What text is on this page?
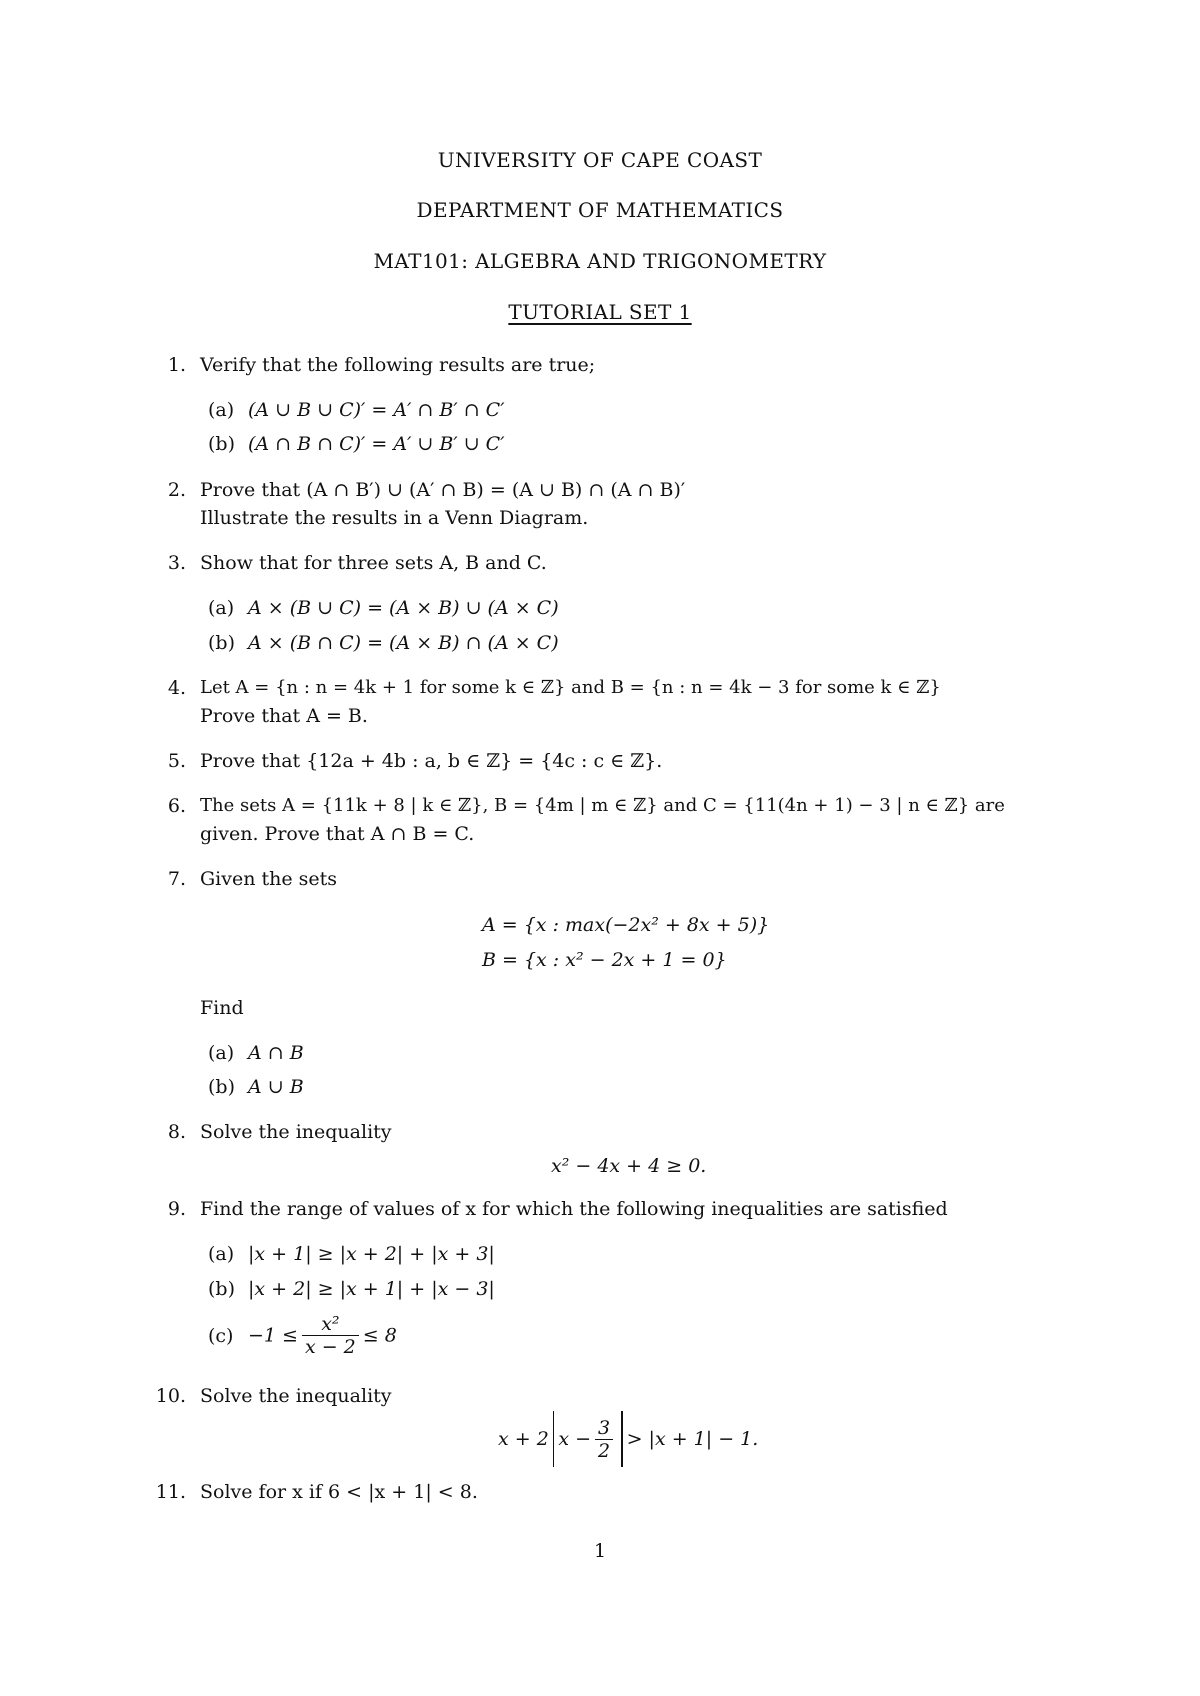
UNIVERSITY OF CAPE COAST
DEPARTMENT OF MATHEMATICS
MAT101: ALGEBRA AND TRIGONOMETRY
TUTORIAL SET 1
1. Verify that the following results are true;
(a) (A ∪ B ∪ C)′ = A′ ∩ B′ ∩ C′
(b) (A ∩ B ∩ C)′ = A′ ∪ B′ ∪ C′
2. Prove that (A ∩ B′) ∪ (A′ ∩ B) = (A ∪ B) ∩ (A ∩ B)′
Illustrate the results in a Venn Diagram.
3. Show that for three sets A, B and C.
(a) A × (B ∪ C) = (A × B) ∪ (A × C)
(b) A × (B ∩ C) = (A × B) ∩ (A × C)
4. Let A = {n : n = 4k + 1 for some k ∈ ℤ} and B = {n : n = 4k − 3 for some k ∈ ℤ}
Prove that A = B.
5. Prove that {12a + 4b : a, b ∈ ℤ} = {4c : c ∈ ℤ}.
6. The sets A = {11k + 8 | k ∈ ℤ}, B = {4m | m ∈ ℤ} and C = {11(4n + 1) − 3 | n ∈ ℤ} are
given. Prove that A ∩ B = C.
7. Given the sets
A = {x : max(−2x² + 8x + 5)}
B = {x : x² − 2x + 1 = 0}
Find
(a) A ∩ B
(b) A ∪ B
8. Solve the inequality
x² − 4x + 4 ≥ 0.
9. Find the range of values of x for which the following inequalities are satisfied
(a) |x + 1| ≥ |x + 2| + |x + 3|
(b) |x + 2| ≥ |x + 1| + |x − 3|
$(c) -1 \le \frac{\text{x²}}{x - 2} \le 8$
10. Solve the inequality
x + 2 $x - \frac{3}{2} > |x + 1| - 1$.
11. Solve for x if 6 < |x + 1| < 8.
1
